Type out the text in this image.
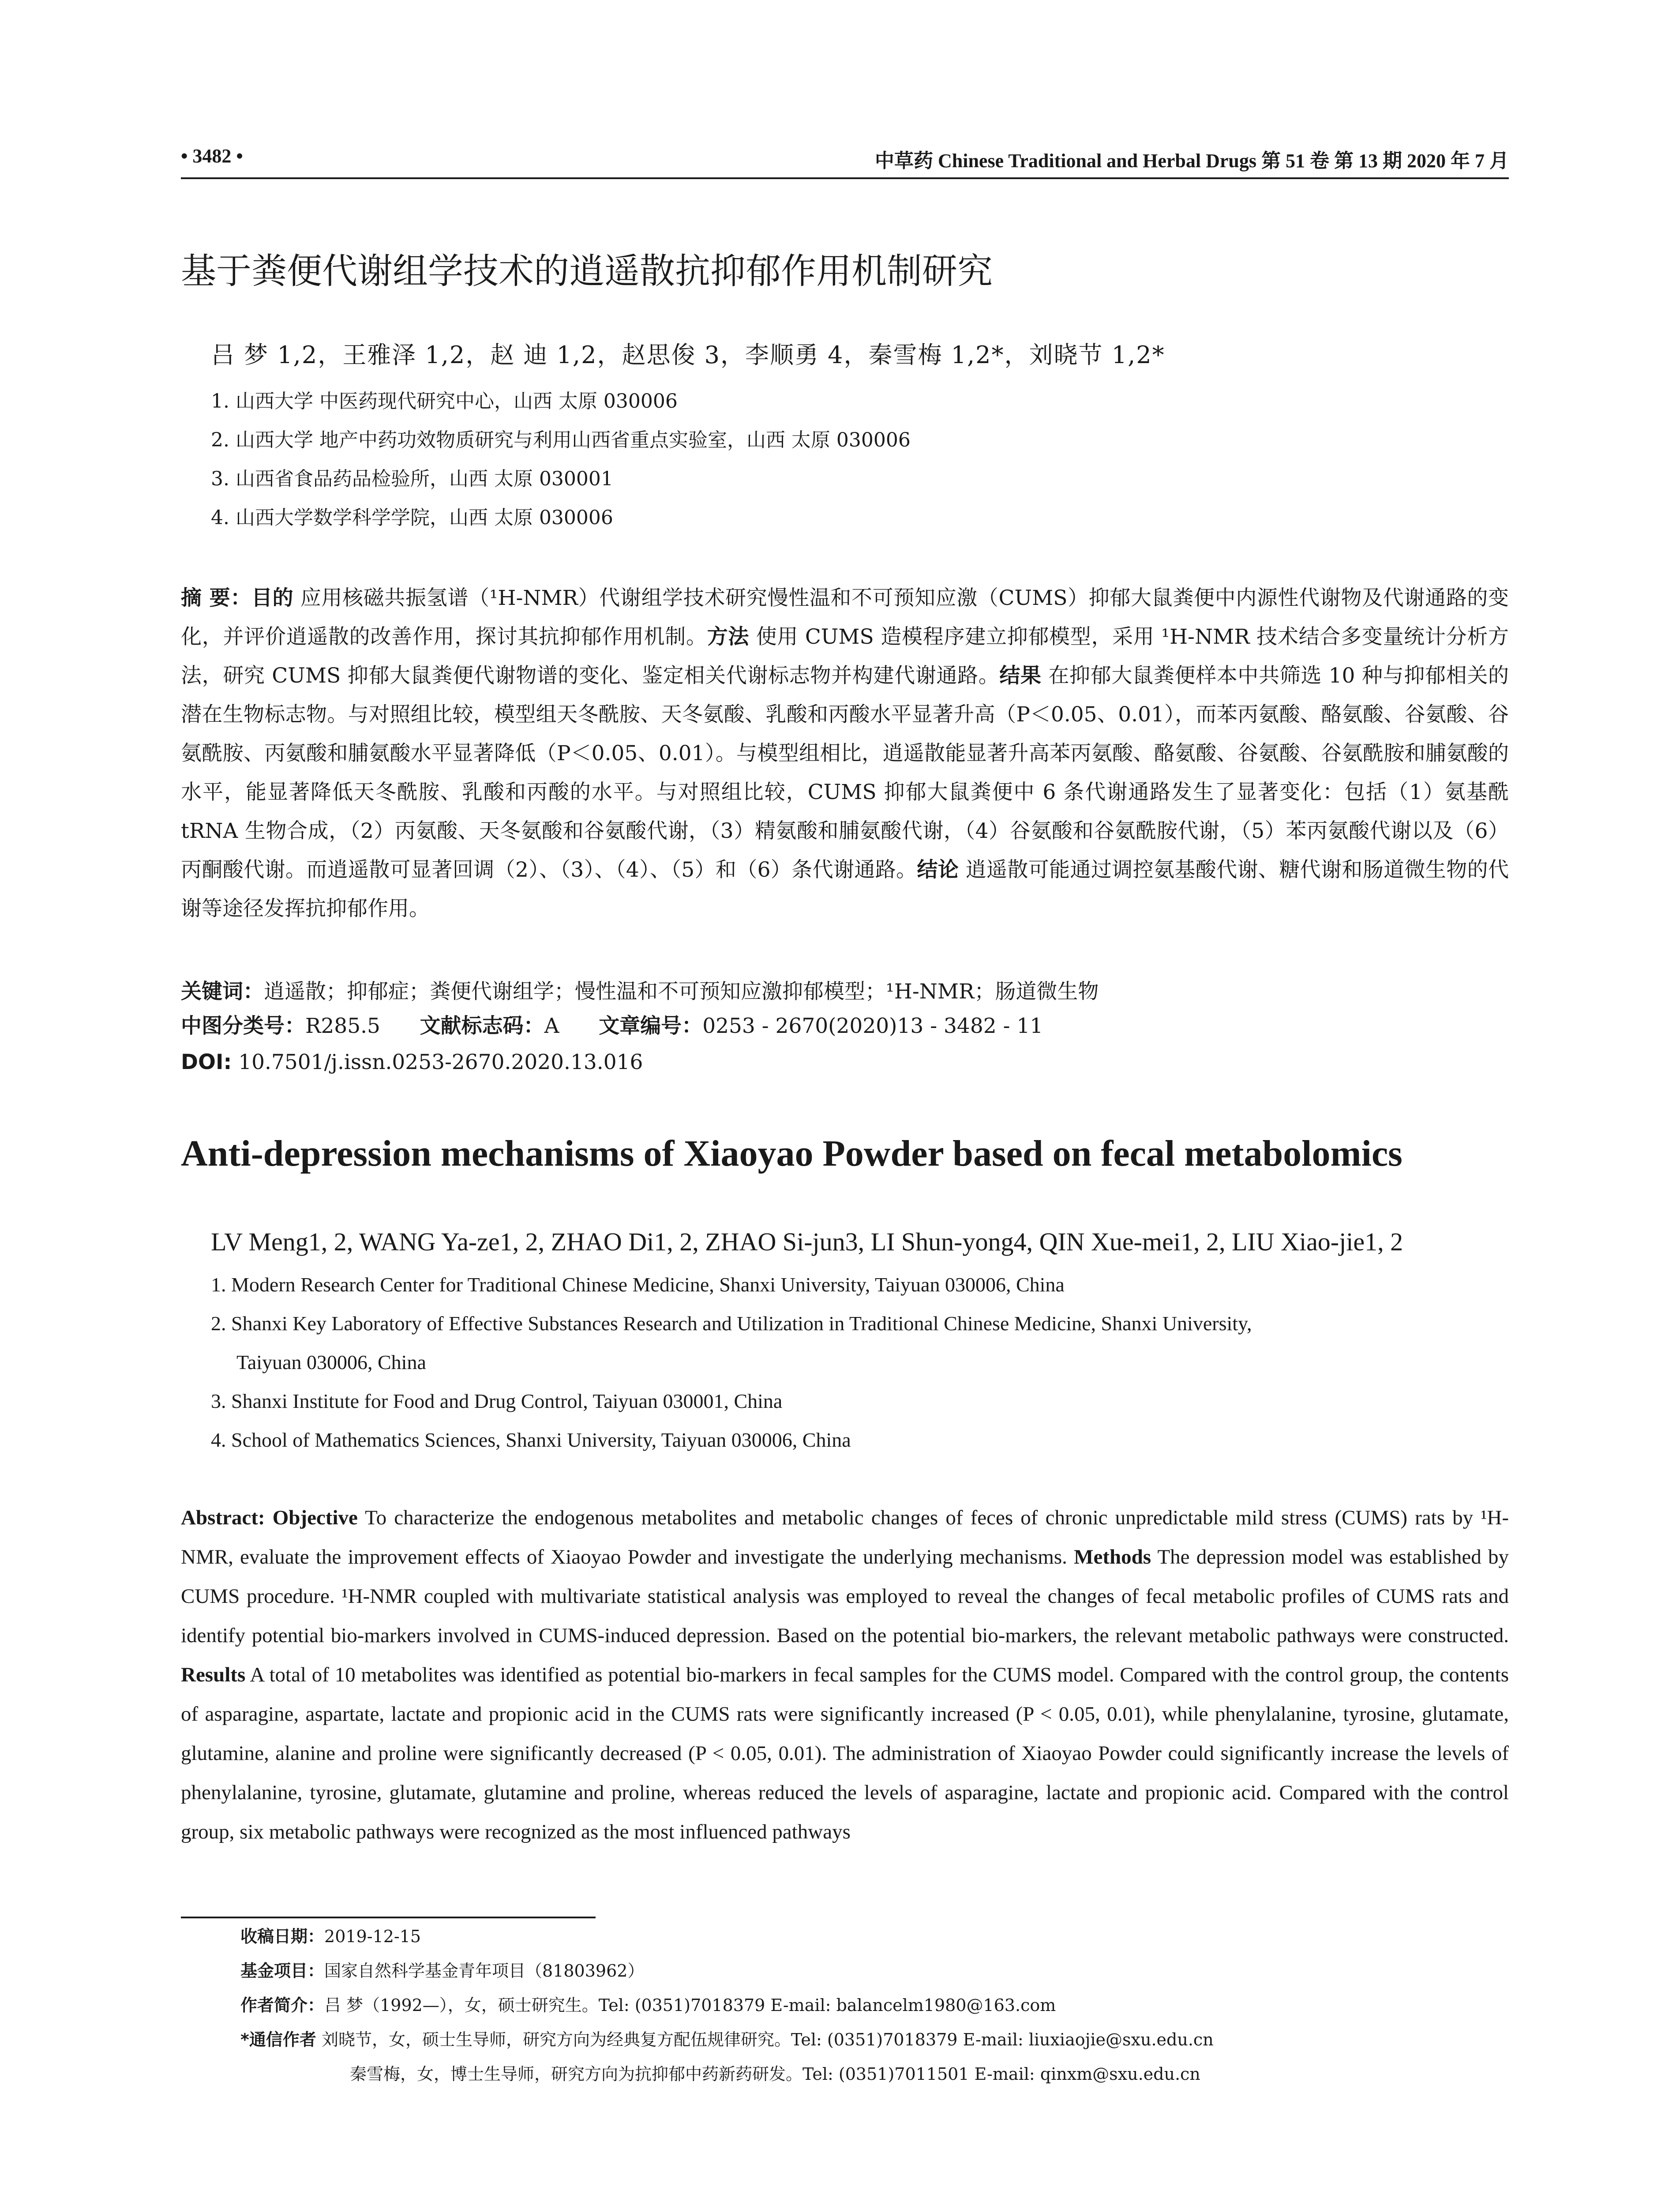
• 3482 •	中草药 Chinese Traditional and Herbal Drugs 第 51 卷 第 13 期 2020 年 7 月
基于粪便代谢组学技术的逍遥散抗抑郁作用机制研究
吕 梦 1,2，王雅泽 1,2，赵 迪 1,2，赵思俊 3，李顺勇 4，秦雪梅 1,2*，刘晓节 1,2*
1. 山西大学 中医药现代研究中心，山西 太原 030006
2. 山西大学 地产中药功效物质研究与利用山西省重点实验室，山西 太原 030006
3. 山西省食品药品检验所，山西 太原 030001
4. 山西大学数学科学学院，山西 太原 030006
摘 要：目的 应用核磁共振氢谱（¹H-NMR）代谢组学技术研究慢性温和不可预知应激（CUMS）抑郁大鼠粪便中内源性代谢物及代谢通路的变化，并评价逍遥散的改善作用，探讨其抗抑郁作用机制。方法 使用 CUMS 造模程序建立抑郁模型，采用 ¹H-NMR 技术结合多变量统计分析方法，研究 CUMS 抑郁大鼠粪便代谢物谱的变化、鉴定相关代谢标志物并构建代谢通路。结果 在抑郁大鼠粪便样本中共筛选 10 种与抑郁相关的潜在生物标志物。与对照组比较，模型组天冬酰胺、天冬氨酸、乳酸和丙酸水平显著升高（P＜0.05、0.01），而苯丙氨酸、酪氨酸、谷氨酸、谷氨酰胺、丙氨酸和脯氨酸水平显著降低（P＜0.05、0.01）。与模型组相比，逍遥散能显著升高苯丙氨酸、酪氨酸、谷氨酸、谷氨酰胺和脯氨酸的水平，能显著降低天冬酰胺、乳酸和丙酸的水平。与对照组比较，CUMS 抑郁大鼠粪便中 6 条代谢通路发生了显著变化：包括（1）氨基酰 tRNA 生物合成，（2）丙氨酸、天冬氨酸和谷氨酸代谢，（3）精氨酸和脯氨酸代谢，（4）谷氨酸和谷氨酰胺代谢，（5）苯丙氨酸代谢以及（6）丙酮酸代谢。而逍遥散可显著回调（2）、（3）、（4）、（5）和（6）条代谢通路。结论 逍遥散可能通过调控氨基酸代谢、糖代谢和肠道微生物的代谢等途径发挥抗抑郁作用。
关键词：逍遥散；抑郁症；粪便代谢组学；慢性温和不可预知应激抑郁模型；¹H-NMR；肠道微生物
中图分类号：R285.5 文献标志码：A 文章编号：0253 - 2670(2020)13 - 3482 - 11
DOI: 10.7501/j.issn.0253-2670.2020.13.016
Anti-depression mechanisms of Xiaoyao Powder based on fecal metabolomics
LV Meng1, 2, WANG Ya-ze1, 2, ZHAO Di1, 2, ZHAO Si-jun3, LI Shun-yong4, QIN Xue-mei1, 2, LIU Xiao-jie1, 2
1. Modern Research Center for Traditional Chinese Medicine, Shanxi University, Taiyuan 030006, China
2. Shanxi Key Laboratory of Effective Substances Research and Utilization in Traditional Chinese Medicine, Shanxi University,
Taiyuan 030006, China
3. Shanxi Institute for Food and Drug Control, Taiyuan 030001, China
4. School of Mathematics Sciences, Shanxi University, Taiyuan 030006, China
Abstract: Objective To characterize the endogenous metabolites and metabolic changes of feces of chronic unpredictable mild stress (CUMS) rats by ¹H-NMR, evaluate the improvement effects of Xiaoyao Powder and investigate the underlying mechanisms. Methods The depression model was established by CUMS procedure. ¹H-NMR coupled with multivariate statistical analysis was employed to reveal the changes of fecal metabolic profiles of CUMS rats and identify potential bio-markers involved in CUMS-induced depression. Based on the potential bio-markers, the relevant metabolic pathways were constructed. Results A total of 10 metabolites was identified as potential bio-markers in fecal samples for the CUMS model. Compared with the control group, the contents of asparagine, aspartate, lactate and propionic acid in the CUMS rats were significantly increased (P < 0.05, 0.01), while phenylalanine, tyrosine, glutamate, glutamine, alanine and proline were significantly decreased (P < 0.05, 0.01). The administration of Xiaoyao Powder could significantly increase the levels of phenylalanine, tyrosine, glutamate, glutamine and proline, whereas reduced the levels of asparagine, lactate and propionic acid. Compared with the control group, six metabolic pathways were recognized as the most influenced pathways
收稿日期：2019-12-15
基金项目：国家自然科学基金青年项目（81803962）
作者简介：吕 梦（1992—），女，硕士研究生。Tel: (0351)7018379 E-mail: balancelm1980@163.com
*通信作者 刘晓节，女，硕士生导师，研究方向为经典复方配伍规律研究。Tel: (0351)7018379 E-mail: liuxiaojie@sxu.edu.cn
秦雪梅，女，博士生导师，研究方向为抗抑郁中药新药研发。Tel: (0351)7011501 E-mail: qinxm@sxu.edu.cn
